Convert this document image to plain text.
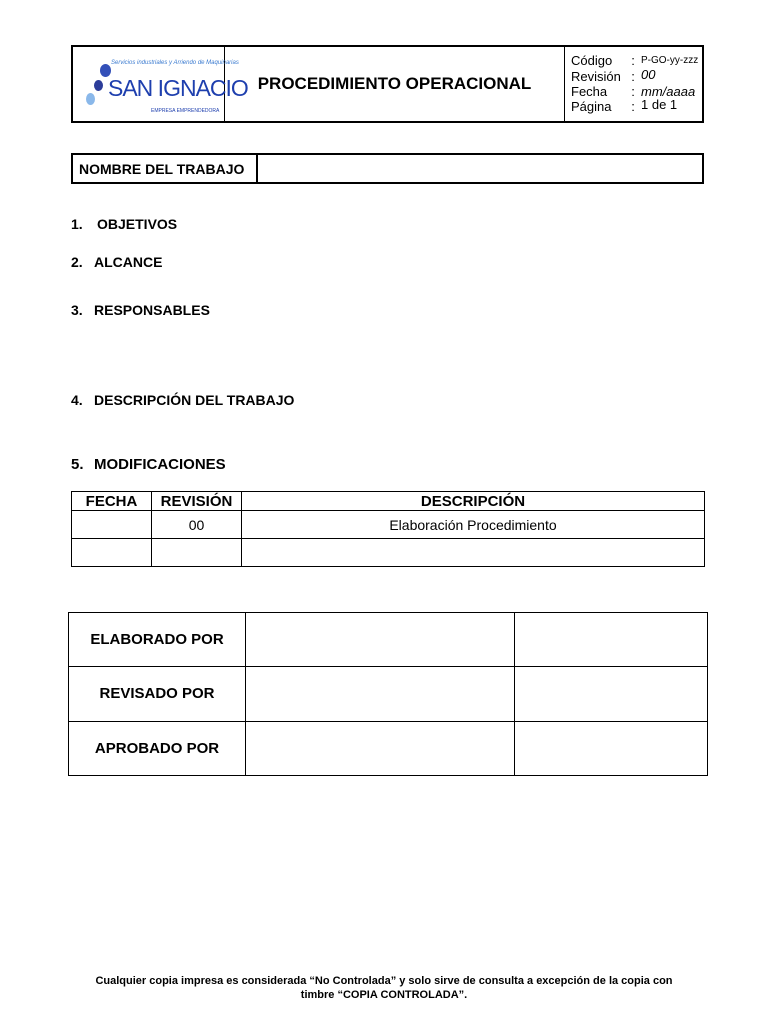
Servicios industriales y Arriendo de Maquinarias
SAN IGNACIO
EMPRESA EMPRENDEDORA
PROCEDIMIENTO OPERACIONAL
Código	: P-GO-yy-zzz
Revisión : 00
Fecha	: mm/aaaa
Página	: 1 de 1
NOMBRE DEL TRABAJO
1.	OBJETIVOS
2. ALCANCE
3. RESPONSABLES
4. DESCRIPCIÓN DEL TRABAJO
5. MODIFICACIONES
FECHA	REVISIÓN	DESCRIPCIÓN
	00	Elaboración Procedimiento

ELABORADO POR		
REVISADO POR		
APROBADO POR		
Cualquier copia impresa es considerada “No Controlada” y solo sirve de consulta a excepción de la copia con
timbre “COPIA CONTROLADA”.
